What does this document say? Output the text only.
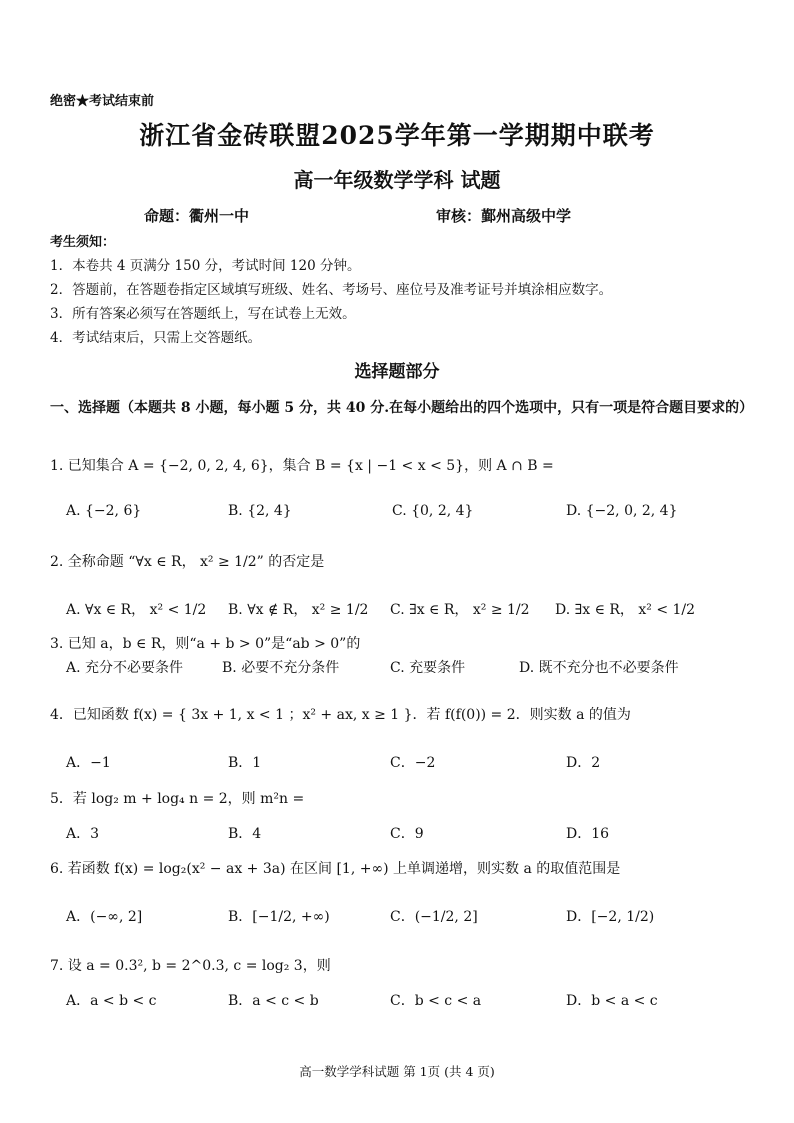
绝密★考试结束前
浙江省金砖联盟2025学年第一学期期中联考
高一年级数学学科 试题
命题：衢州一中	审核：鄞州高级中学
考生须知：
1．本卷共 4 页满分 150 分，考试时间 120 分钟。
2．答题前，在答题卷指定区域填写班级、姓名、考场号、座位号及准考证号并填涂相应数字。
3．所有答案必须写在答题纸上，写在试卷上无效。
4．考试结束后，只需上交答题纸。
选择题部分
一、选择题（本题共 8 小题，每小题 5 分，共 40 分.在每小题给出的四个选项中，只有一项是符合题目要求的）
1. 已知集合 A = {−2, 0, 2, 4, 6}，集合 B = {x | −1 < x < 5}，则 A ∩ B =
A. {−2, 6}	B. {2, 4}	C. {0, 2, 4}	D. {−2, 0, 2, 4}
2. 全称命题 “∀x ∈ R， x² ≥ 1/2” 的否定是
A. ∀x ∈ R， x² < 1/2 B. ∀x ∉ R， x² ≥ 1/2 C. ∃x ∈ R， x² ≥ 1/2 D. ∃x ∈ R， x² < 1/2
3. 已知 a，b ∈ R，则“a + b > 0”是“ab > 0”的
A. 充分不必要条件	B. 必要不充分条件	C. 充要条件	D. 既不充分也不必要条件
4．已知函数 f(x) = { 3x + 1, x < 1 ；x² + ax, x ≥ 1 }．若 f(f(0)) = 2．则实数 a 的值为
A．−1	B．1	C．−2	D．2
5．若 log₂ m + log₄ n = 2，则 m²n =
A．3	B．4	C．9	D．16
6. 若函数 f(x) = log₂(x² − ax + 3a) 在区间 [1, +∞) 上单调递增，则实数 a 的取值范围是
A．(−∞, 2]	B．[−1/2, +∞)	C．(−1/2, 2]	D．[−2, 1/2)
7. 设 a = 0.3², b = 2^0.3, c = log₂ 3，则
A．a < b < c	B．a < c < b	C．b < c < a	D．b < a < c
高一数学学科试题 第 1页 (共 4 页)
